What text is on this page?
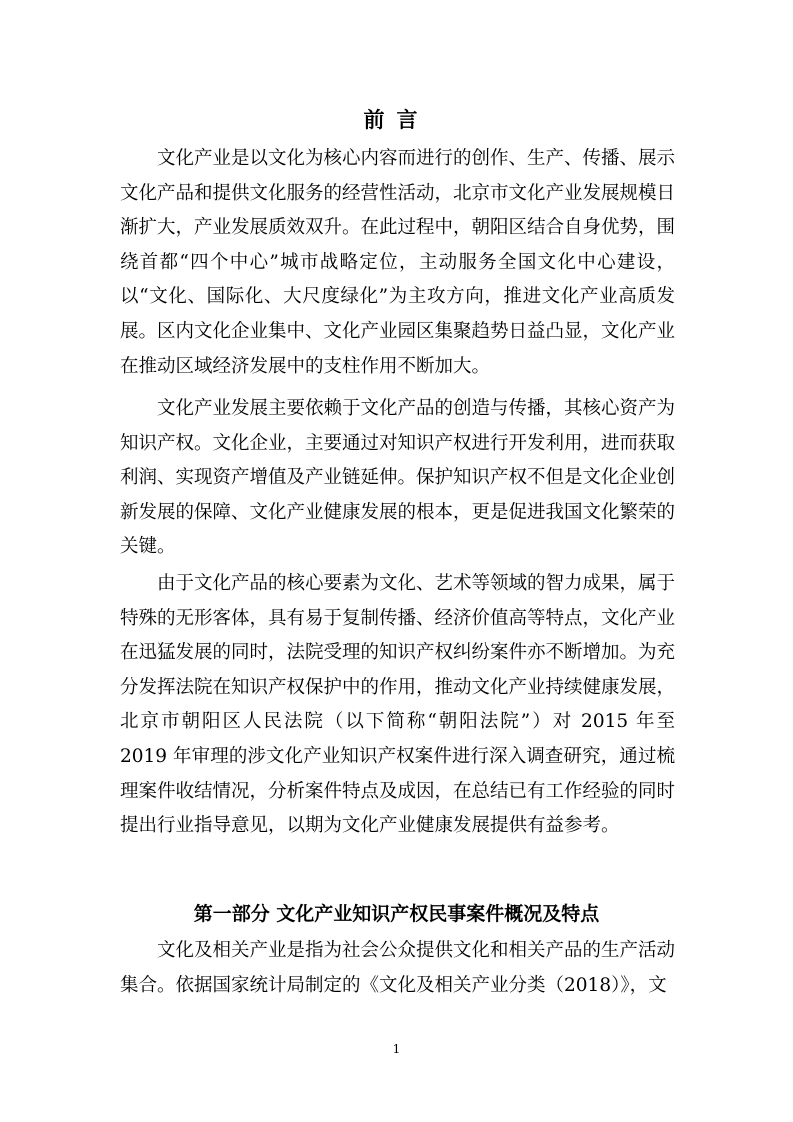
前言

文化产业是以文化为核心内容而进行的创作、生产、传播、展示文化产品和提供文化服务的经营性活动，北京市文化产业发展规模日渐扩大，产业发展质效双升。在此过程中，朝阳区结合自身优势，围绕首都“四个中心”城市战略定位，主动服务全国文化中心建设，以“文化、国际化、大尺度绿化”为主攻方向，推进文化产业高质发展。区内文化企业集中、文化产业园区集聚趋势日益凸显，文化产业在推动区域经济发展中的支柱作用不断加大。

文化产业发展主要依赖于文化产品的创造与传播，其核心资产为知识产权。文化企业，主要通过对知识产权进行开发利用，进而获取利润、实现资产增值及产业链延伸。保护知识产权不但是文化企业创新发展的保障、文化产业健康发展的根本，更是促进我国文化繁荣的关键。

由于文化产品的核心要素为文化、艺术等领域的智力成果，属于特殊的无形客体，具有易于复制传播、经济价值高等特点，文化产业在迅猛发展的同时，法院受理的知识产权纠纷案件亦不断增加。为充分发挥法院在知识产权保护中的作用，推动文化产业持续健康发展，北京市朝阳区人民法院（以下简称“朝阳法院”）对 2015 年至 2019 年审理的涉文化产业知识产权案件进行深入调查研究，通过梳理案件收结情况，分析案件特点及成因，在总结已有工作经验的同时提出行业指导意见，以期为文化产业健康发展提供有益参考。

第一部分 文化产业知识产权民事案件概况及特点

文化及相关产业是指为社会公众提供文化和相关产品的生产活动集合。依据国家统计局制定的《文化及相关产业分类（2018）》，文

1
